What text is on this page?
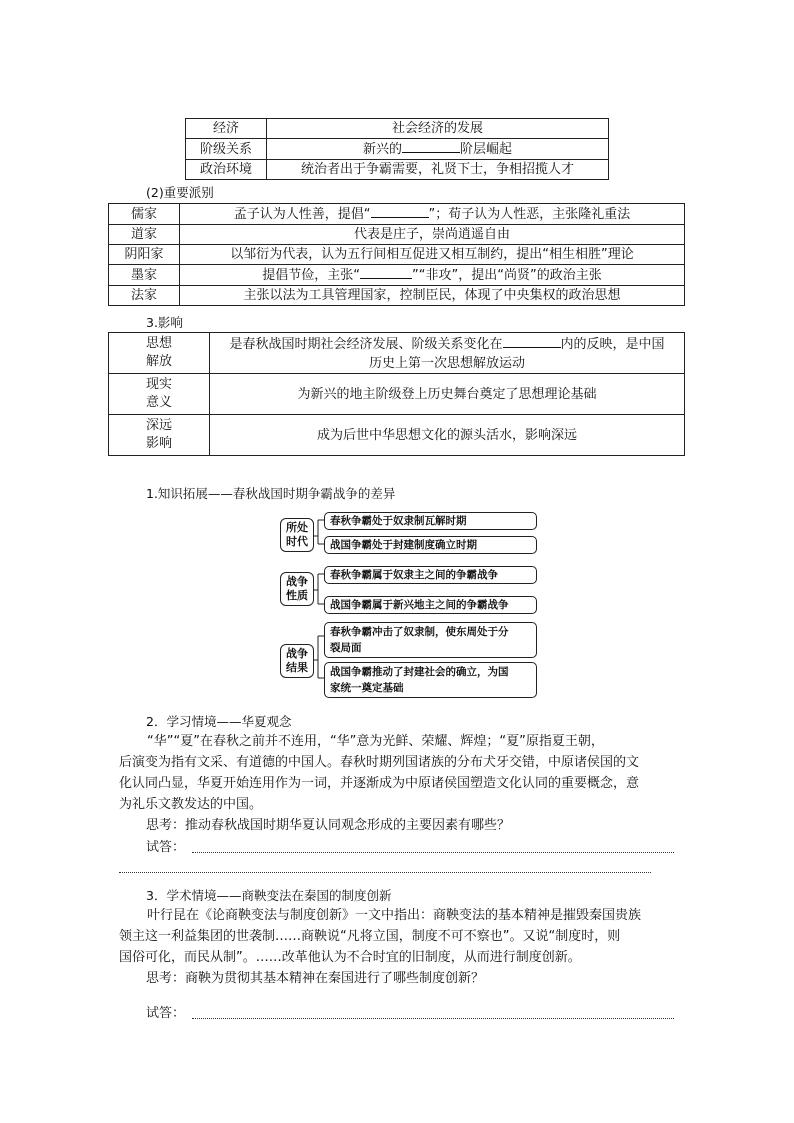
经济	社会经济的发展
阶级关系	新兴的 阶层崛起
政治环境	统治者出于争霸需要，礼贤下士，争相招揽人才
(2)重要派别
儒家	孟子认为人性善，提倡“ ”；荀子认为人性恶，主张隆礼重法
道家	代表是庄子，崇尚逍遥自由
阴阳家	以邹衍为代表，认为五行间相互促进又相互制约，提出“相生相胜”理论
墨家	提倡节俭，主张“ ”“非攻”，提出“尚贤”的政治主张
法家	主张以法为工具管理国家，控制臣民，体现了中央集权的政治思想
3.影响
思想
解放	是春秋战国时期社会经济发展、阶级关系变化在 内的反映，是中国
历史上第一次思想解放运动
现实
意义	为新兴的地主阶级登上历史舞台奠定了思想理论基础
深远
影响	成为后世中华思想文化的源头活水，影响深远
1.知识拓展——春秋战国时期争霸战争的差异
所处
时代
春秋争霸处于奴隶制瓦解时期
战国争霸处于封建制度确立时期
战争
性质
春秋争霸属于奴隶主之间的争霸战争
战国争霸属于新兴地主之间的争霸战争
战争
结果
春秋争霸冲击了奴隶制，使东周处于分
裂局面
战国争霸推动了封建社会的确立，为国
家统一奠定基础
2．学习情境——华夏观念
“华”“夏”在春秋之前并不连用，“华”意为光鲜、荣耀、辉煌；“夏”原指夏王朝，
后演变为指有文采、有道德的中国人。春秋时期列国诸族的分布犬牙交错，中原诸侯国的文
化认同凸显，华夏开始连用作为一词，并逐渐成为中原诸侯国塑造文化认同的重要概念，意
为礼乐文教发达的中国。
思考：推动春秋战国时期华夏认同观念形成的主要因素有哪些？
试答：
3．学术情境——商鞅变法在秦国的制度创新
叶行昆在《论商鞅变法与制度创新》一文中指出：商鞅变法的基本精神是摧毁秦国贵族
领主这一利益集团的世袭制……商鞅说“凡将立国，制度不可不察也”。又说“制度时，则
国俗可化，而民从制”。……改革他认为不合时宜的旧制度，从而进行制度创新。
思考：商鞅为贯彻其基本精神在秦国进行了哪些制度创新？
试答：
